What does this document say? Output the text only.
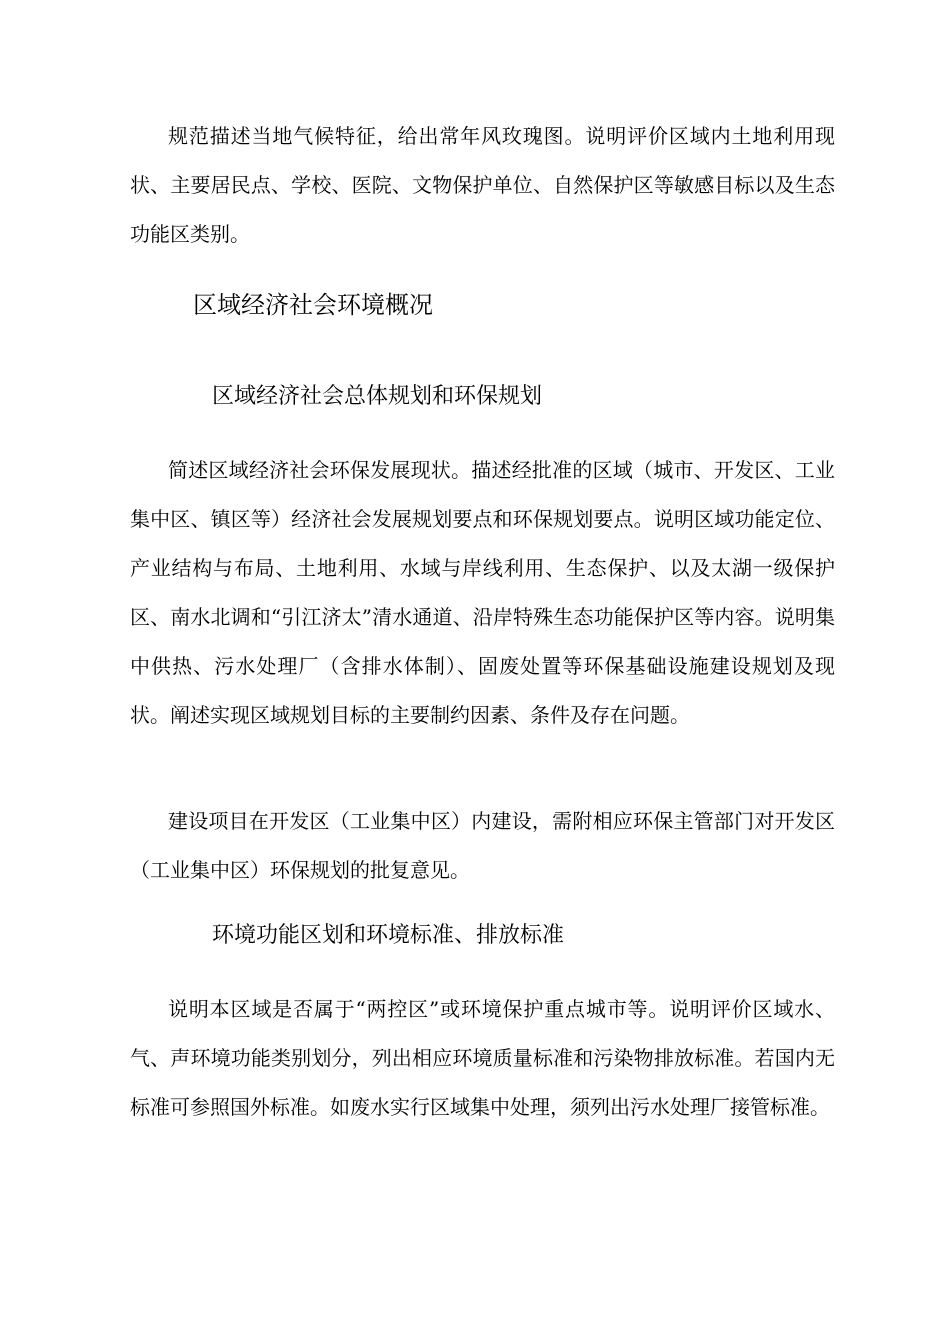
规范描述当地气候特征，给出常年风玫瑰图。说明评价区域内土地利用现状、主要居民点、学校、医院、文物保护单位、自然保护区等敏感目标以及生态功能区类别。

区域经济社会环境概况
区域经济社会总体规划和环保规划

简述区域经济社会环保发展现状。描述经批准的区域（城市、开发区、工业集中区、镇区等）经济社会发展规划要点和环保规划要点。说明区域功能定位、产业结构与布局、土地利用、水域与岸线利用、生态保护、以及太湖一级保护区、南水北调和“引江济太”清水通道、沿岸特殊生态功能保护区等内容。说明集中供热、污水处理厂（含排水体制）、固废处置等环保基础设施建设规划及现状。阐述实现区域规划目标的主要制约因素、条件及存在问题。

建设项目在开发区（工业集中区）内建设，需附相应环保主管部门对开发区（工业集中区）环保规划的批复意见。

环境功能区划和环境标准、排放标准

说明本区域是否属于“两控区”或环境保护重点城市等。说明评价区域水、气、声环境功能类别划分，列出相应环境质量标准和污染物排放标准。若国内无标准可参照国外标准。如废水实行区域集中处理，须列出污水处理厂接管标准。
